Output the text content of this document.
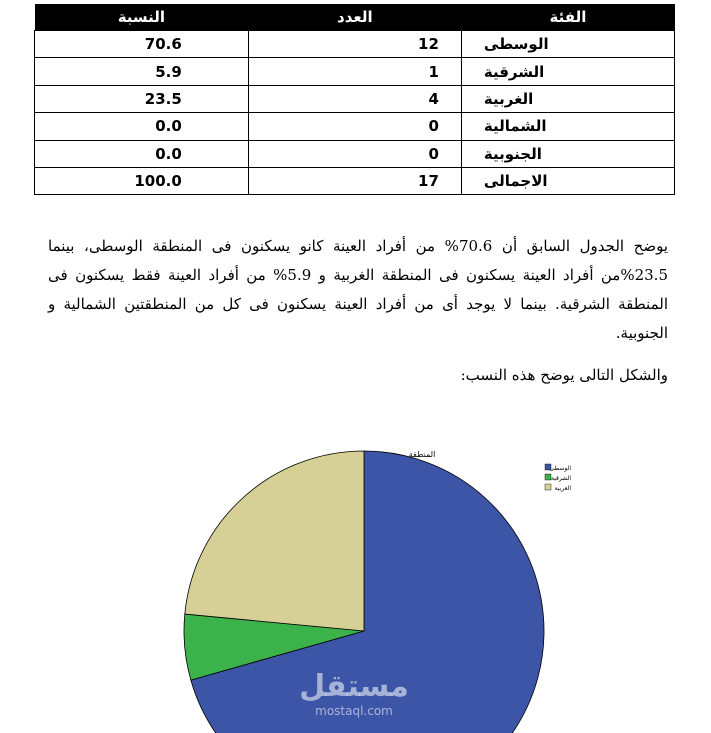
الفئة	العدد	النسبة
الوسطى	12	70.6
الشرقية	1	5.9
الغربية	4	23.5
الشمالية	0	0.0
الجنوبية	0	0.0
الاجمالى	17	100.0

يوضح الجدول السابق أن 70.6% من أفراد العينة كانو يسكنون فى المنطقة الوسطى، بينما 23.5%من أفراد العينة يسكنون فى المنطقة الغربية و 5.9% من أفراد العينة فقط يسكنون فى المنطقة الشرقية. بينما لا يوجد أى من أفراد العينة يسكنون فى كل من المنطقتين الشمالية و الجنوبية.

والشكل التالى يوضح هذه النسب:

المنطقة
الوسطى
الشرقية
الغربية
مستقل
mostaql.com
